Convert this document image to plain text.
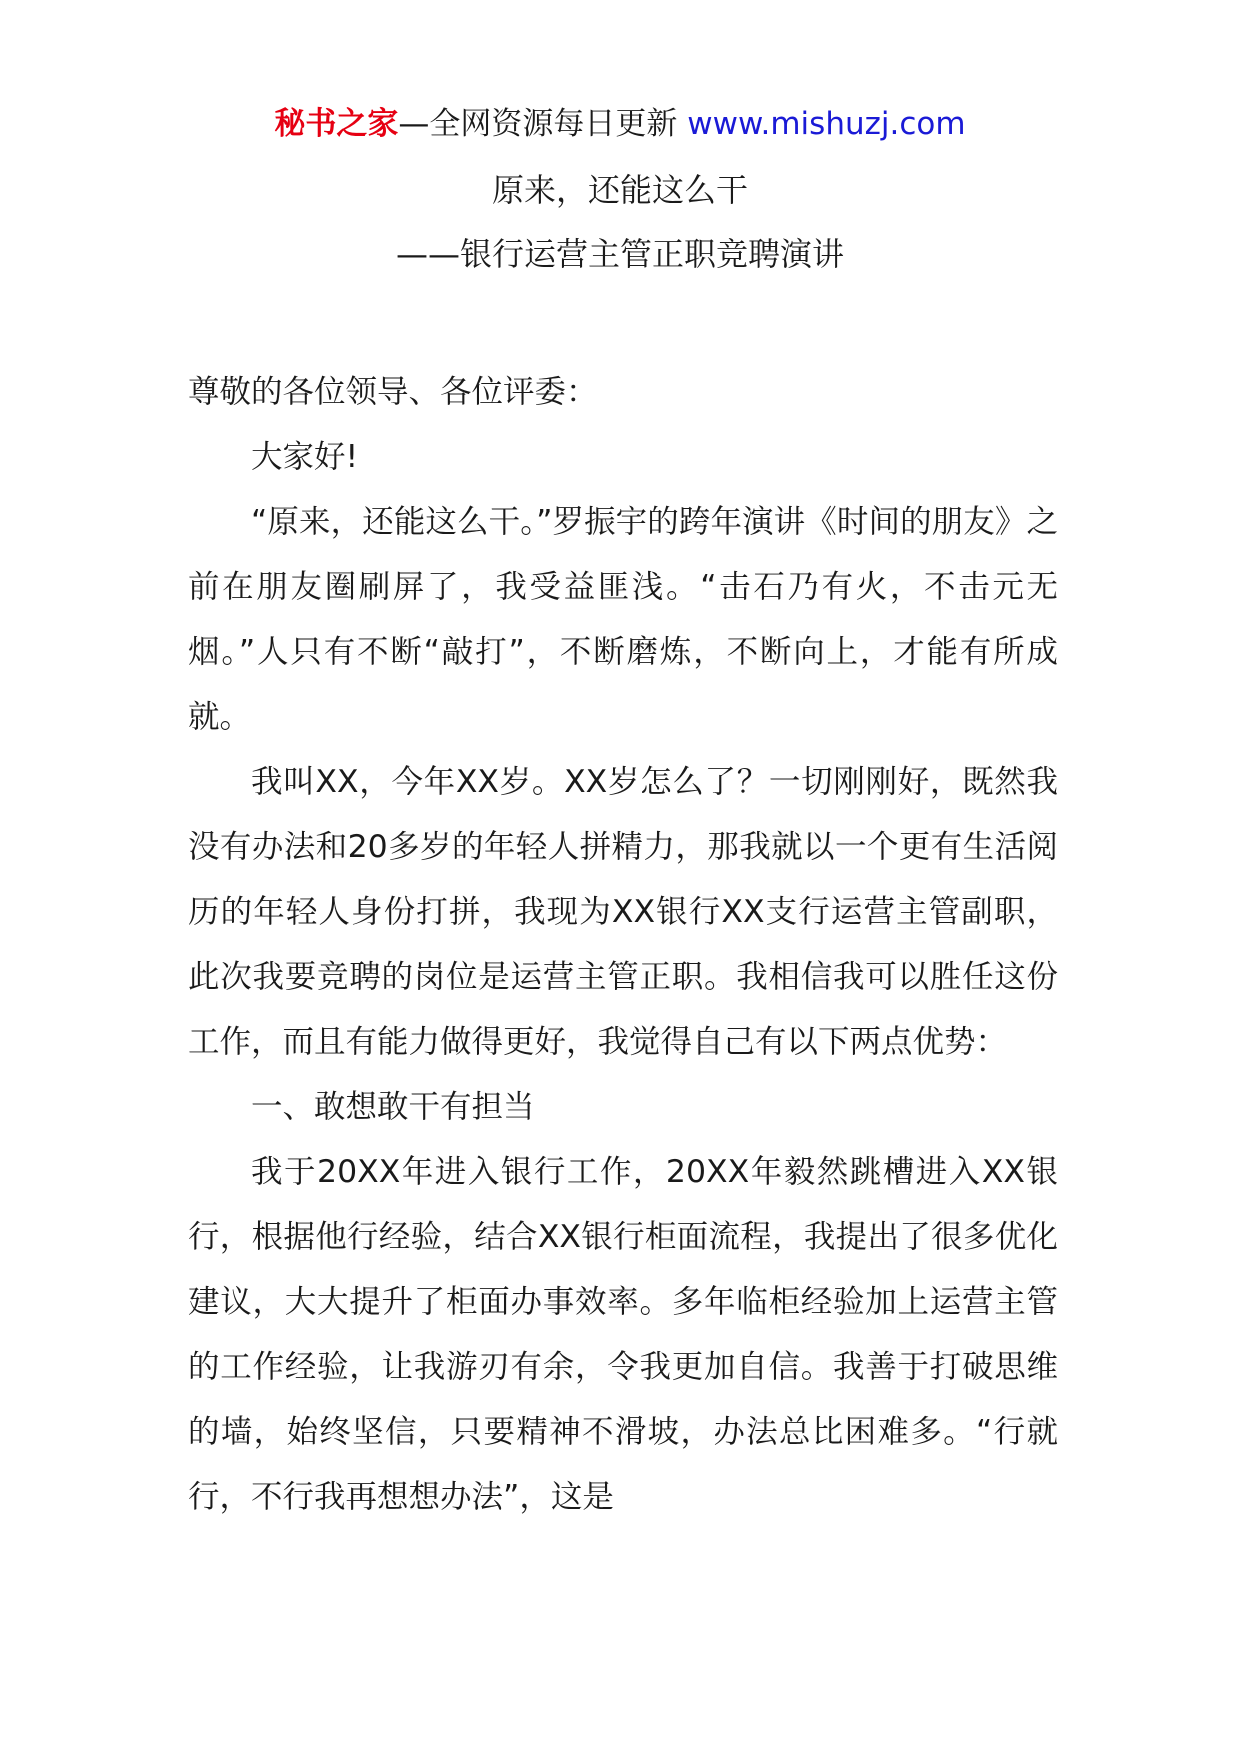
秘书之家—全网资源每日更新 www.mishuzj.com
原来，还能这么干
——银行运营主管正职竞聘演讲

尊敬的各位领导、各位评委：

大家好!

“原来，还能这么干。”罗振宇的跨年演讲《时间的朋友》之前在朋友圈刷屏了，我受益匪浅。“击石乃有火，不击元无烟。”人只有不断“敲打”，不断磨炼，不断向上，才能有所成就。

我叫XX，今年XX岁。XX岁怎么了？一切刚刚好，既然我没有办法和20多岁的年轻人拼精力，那我就以一个更有生活阅历的年轻人身份打拼，我现为XX银行XX支行运营主管副职，此次我要竞聘的岗位是运营主管正职。我相信我可以胜任这份工作，而且有能力做得更好，我觉得自己有以下两点优势：

一、敢想敢干有担当

我于20XX年进入银行工作，20XX年毅然跳槽进入XX银行，根据他行经验，结合XX银行柜面流程，我提出了很多优化建议，大大提升了柜面办事效率。多年临柜经验加上运营主管的工作经验，让我游刃有余，令我更加自信。我善于打破思维的墙，始终坚信，只要精神不滑坡，办法总比困难多。“行就行，不行我再想想办法”，这是
